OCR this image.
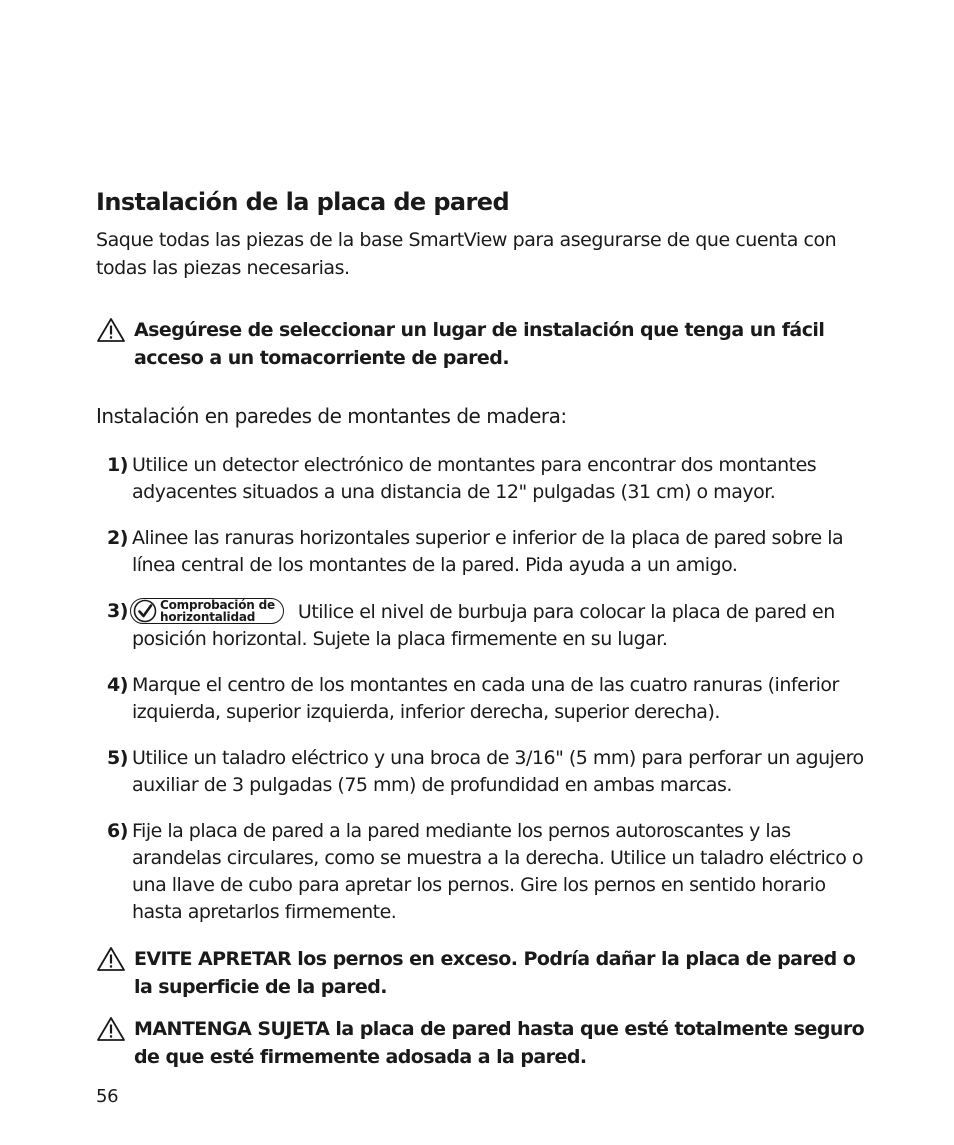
Instalación de la placa de pared

Saque todas las piezas de la base SmartView para asegurarse de que cuenta con todas las piezas necesarias.

Asegúrese de seleccionar un lugar de instalación que tenga un fácil acceso a un tomacorriente de pared.
Instalación en paredes de montantes de madera:
1) Utilice un detector electrónico de montantes para encontrar dos montantes adyacentes situados a una distancia de 12" pulgadas (31 cm) o mayor.
2) Alinee las ranuras horizontales superior e inferior de la placa de pared sobre la línea central de los montantes de la pared. Pida ayuda a un amigo.
3)	Comprobación de
horizontalidad	Utilice el nivel de burbuja para colocar la placa de pared en posición horizontal. Sujete la placa firmemente en su lugar.
4) Marque el centro de los montantes en cada una de las cuatro ranuras (inferior izquierda, superior izquierda, inferior derecha, superior derecha).
5) Utilice un taladro eléctrico y una broca de 3/16" (5 mm) para perforar un agujero auxiliar de 3 pulgadas (75 mm) de profundidad en ambas marcas.
6) Fije la placa de pared a la pared mediante los pernos autoroscantes y las arandelas circulares, como se muestra a la derecha. Utilice un taladro eléctrico o una llave de cubo para apretar los pernos. Gire los pernos en sentido horario hasta apretarlos firmemente.
EVITE APRETAR los pernos en exceso. Podría dañar la placa de pared o la superficie de la pared.
MANTENGA SUJETA la placa de pared hasta que esté totalmente seguro de que esté firmemente adosada a la pared.
56
